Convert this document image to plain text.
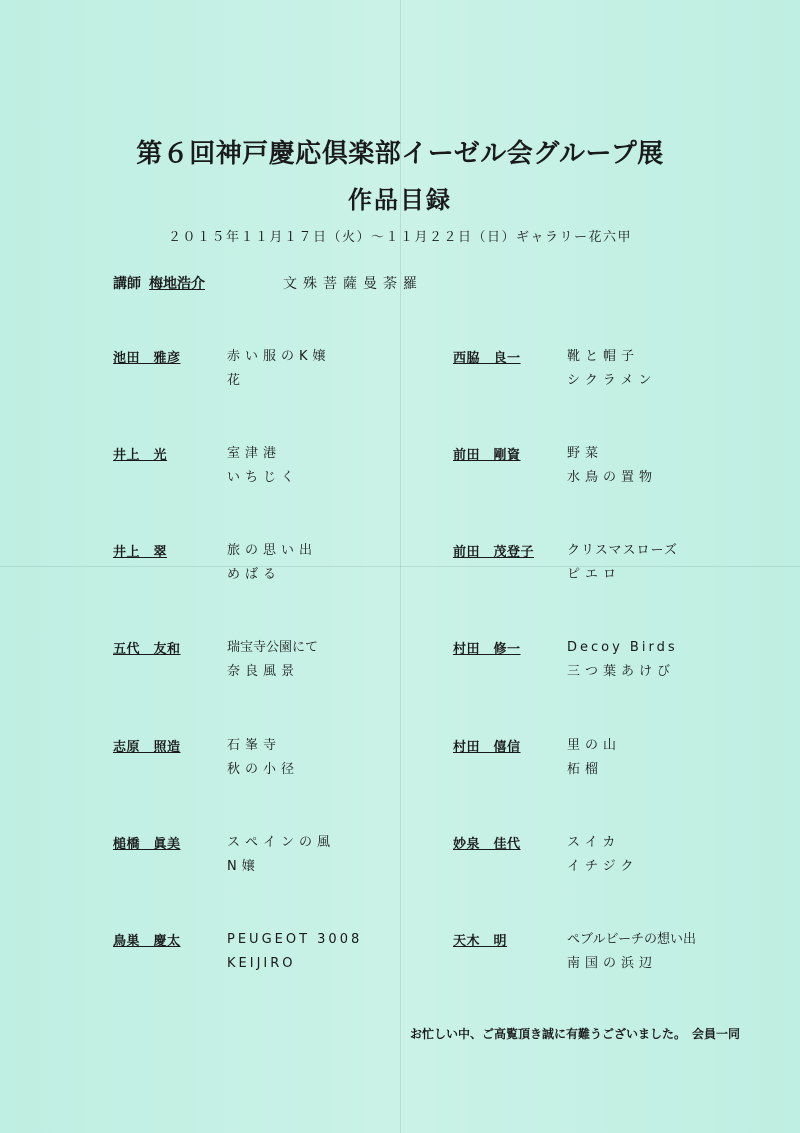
第６回神戸慶応倶楽部イーゼル会グループ展
作品目録
２０１５年１１月１７日（火）～１１月２２日（日）ギャラリー花六甲
講師 梅地浩介	文殊菩薩曼荼羅
池田　雅彦	赤い服のK嬢
花
西脇　良一	靴と帽子
シクラメン
井上　光	室津港
いちじく
前田　剛資	野菜
水鳥の置物
井上　翠	旅の思い出
めばる
前田　茂登子	クリスマスローズ
ピエロ
五代　友和	瑞宝寺公園にて
奈良風景
村田　修一	Decoy Birds
三つ葉あけび
志原　照造	石峯寺
秋の小径
村田　僖信	里の山
柘榴
槌橋　眞美	スペインの風
N嬢
妙泉　佳代	スイカ
イチジク
鳥巣　慶太	PEUGEOT 3008
KEIJIRO
天木　明	ペブルビーチの想い出
南国の浜辺
お忙しい中、ご高覧頂き誠に有難うございました。　会員一同
